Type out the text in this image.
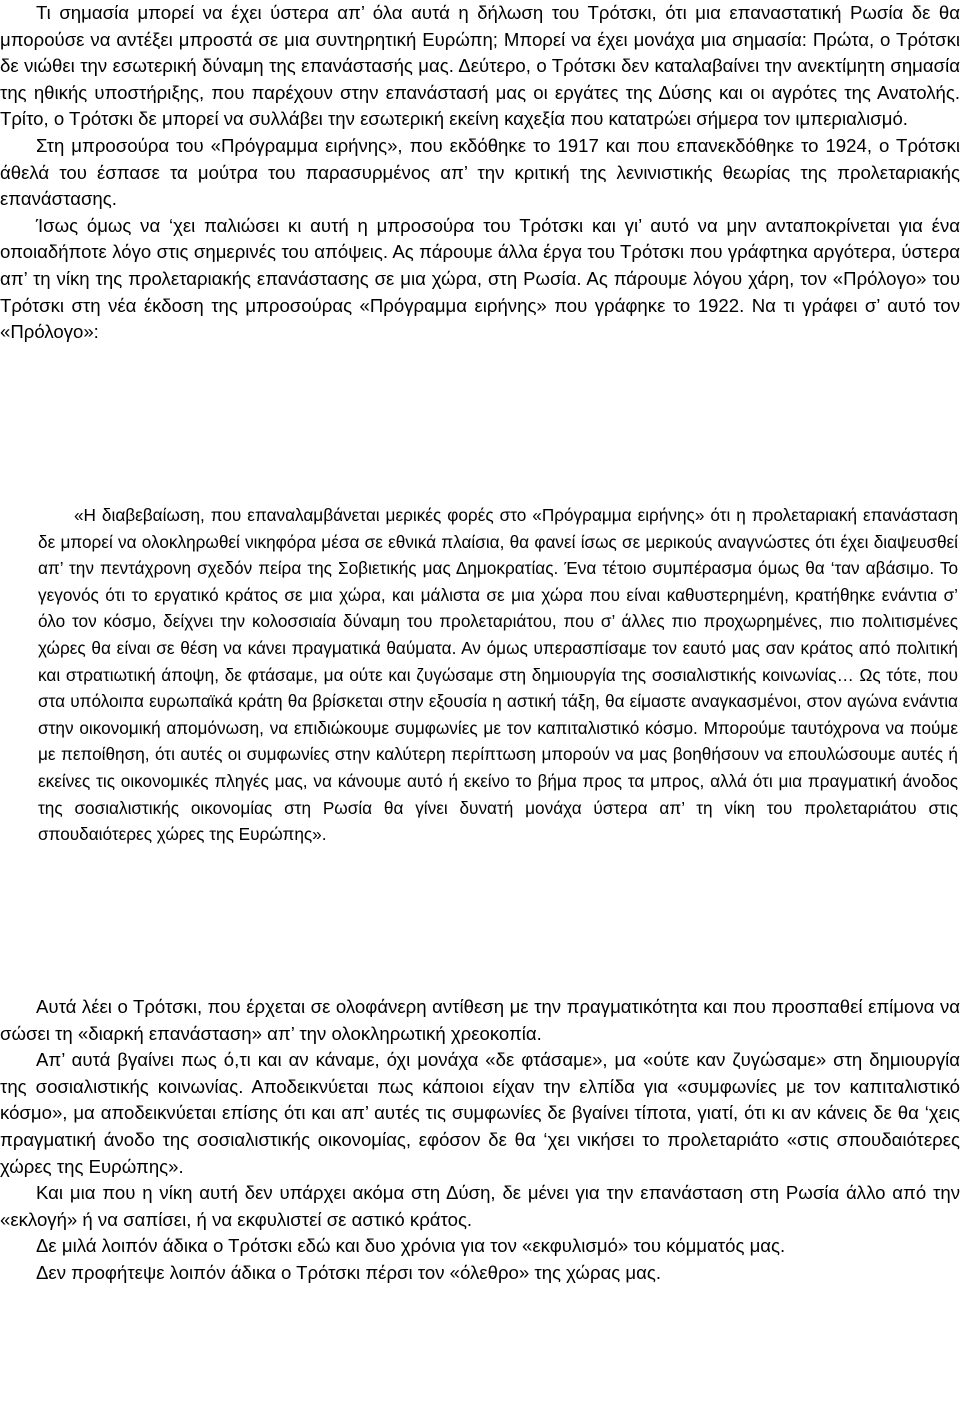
Τι σημασία μπορεί να έχει ύστερα απ’ όλα αυτά η δήλωση του Τρότσκι, ότι μια επαναστατική Ρωσία δε θα μπορούσε να αντέξει μπροστά σε μια συντηρητική Ευρώπη; Μπορεί να έχει μονάχα μια σημασία: Πρώτα, ο Τρότσκι δε νιώθει την εσωτερική δύναμη της επανάστασής μας. Δεύτερο, ο Τρότσκι δεν καταλαβαίνει την ανεκτίμητη σημασία της ηθικής υποστήριξης, που παρέχουν στην επανάστασή μας οι εργάτες της Δύσης και οι αγρότες της Ανατολής. Τρίτο, ο Τρότσκι δε μπορεί να συλλάβει την εσωτερική εκείνη καχεξία που κατατρώει σήμερα τον ιμπεριαλισμό.

Στη μπροσούρα του «Πρόγραμμα ειρήνης», που εκδόθηκε το 1917 και που επανεκδόθηκε το 1924, ο Τρότσκι άθελά του έσπασε τα μούτρα του παρασυρμένος απ’ την κριτική της λενινιστικής θεωρίας της προλεταριακής επανάστασης.

Ίσως όμως να ‘χει παλιώσει κι αυτή η μπροσούρα του Τρότσκι και γι’ αυτό να μην ανταποκρίνεται για ένα οποιαδήποτε λόγο στις σημερινές του απόψεις. Ας πάρουμε άλλα έργα του Τρότσκι που γράφτηκα αργότερα, ύστερα απ’ τη νίκη της προλεταριακής επανάστασης σε μια χώρα, στη Ρωσία. Ας πάρουμε λόγου χάρη, τον «Πρόλογο» του Τρότσκι στη νέα έκδοση της μπροσούρας «Πρόγραμμα ειρήνης» που γράφηκε το 1922. Να τι γράφει σ’ αυτό τον «Πρόλογο»:

«Η διαβεβαίωση, που επαναλαμβάνεται μερικές φορές στο «Πρόγραμμα ειρήνης» ότι η προλεταριακή επανάσταση δε μπορεί να ολοκληρωθεί νικηφόρα μέσα σε εθνικά πλαίσια, θα φανεί ίσως σε μερικούς αναγνώστες ότι έχει διαψευσθεί απ’ την πεντάχρονη σχεδόν πείρα της Σοβιετικής μας Δημοκρατίας. Ένα τέτοιο συμπέρασμα όμως θα ‘ταν αβάσιμο. Το γεγονός ότι το εργατικό κράτος σε μια χώρα, και μάλιστα σε μια χώρα που είναι καθυστερημένη, κρατήθηκε ενάντια σ’ όλο τον κόσμο, δείχνει την κολοσσιαία δύναμη του προλεταριάτου, που σ’ άλλες πιο προχωρημένες, πιο πολιτισμένες χώρες θα είναι σε θέση να κάνει πραγματικά θαύματα. Αν όμως υπερασπίσαμε τον εαυτό μας σαν κράτος από πολιτική και στρατιωτική άποψη, δε φτάσαμε, μα ούτε και ζυγώσαμε στη δημιουργία της σοσιαλιστικής κοινωνίας… Ως τότε, που στα υπόλοιπα ευρωπαϊκά κράτη θα βρίσκεται στην εξουσία η αστική τάξη, θα είμαστε αναγκασμένοι, στον αγώνα ενάντια στην οικονομική απομόνωση, να επιδιώκουμε συμφωνίες με τον καπιταλιστικό κόσμο. Μπορούμε ταυτόχρονα να πούμε με πεποίθηση, ότι αυτές οι συμφωνίες στην καλύτερη περίπτωση μπορούν να μας βοηθήσουν να επουλώσουμε αυτές ή εκείνες τις οικονομικές πληγές μας, να κάνουμε αυτό ή εκείνο το βήμα προς τα μπρος, αλλά ότι μια πραγματική άνοδος της σοσιαλιστικής οικονομίας στη Ρωσία θα γίνει δυνατή μονάχα ύστερα απ’ τη νίκη του προλεταριάτου στις σπουδαιότερες χώρες της Ευρώπης».

Αυτά λέει ο Τρότσκι, που έρχεται σε ολοφάνερη αντίθεση με την πραγματικότητα και που προσπαθεί επίμονα να σώσει τη «διαρκή επανάσταση» απ’ την ολοκληρωτική χρεοκοπία.

Απ’ αυτά βγαίνει πως ό,τι και αν κάναμε, όχι μονάχα «δε φτάσαμε», μα «ούτε καν ζυγώσαμε» στη δημιουργία της σοσιαλιστικής κοινωνίας. Αποδεικνύεται πως κάποιοι είχαν την ελπίδα για «συμφωνίες με τον καπιταλιστικό κόσμο», μα αποδεικνύεται επίσης ότι και απ’ αυτές τις συμφωνίες δε βγαίνει τίποτα, γιατί, ότι κι αν κάνεις δε θα ‘χεις πραγματική άνοδο της σοσιαλιστικής οικονομίας, εφόσον δε θα ‘χει νικήσει το προλεταριάτο «στις σπουδαιότερες χώρες της Ευρώπης».

Και μια που η νίκη αυτή δεν υπάρχει ακόμα στη Δύση, δε μένει για την επανάσταση στη Ρωσία άλλο από την «εκλογή» ή να σαπίσει, ή να εκφυλιστεί σε αστικό κράτος.

Δε μιλά λοιπόν άδικα ο Τρότσκι εδώ και δυο χρόνια για τον «εκφυλισμό» του κόμματός μας.

Δεν προφήτεψε λοιπόν άδικα ο Τρότσκι πέρσι τον «όλεθρο» της χώρας μας.
